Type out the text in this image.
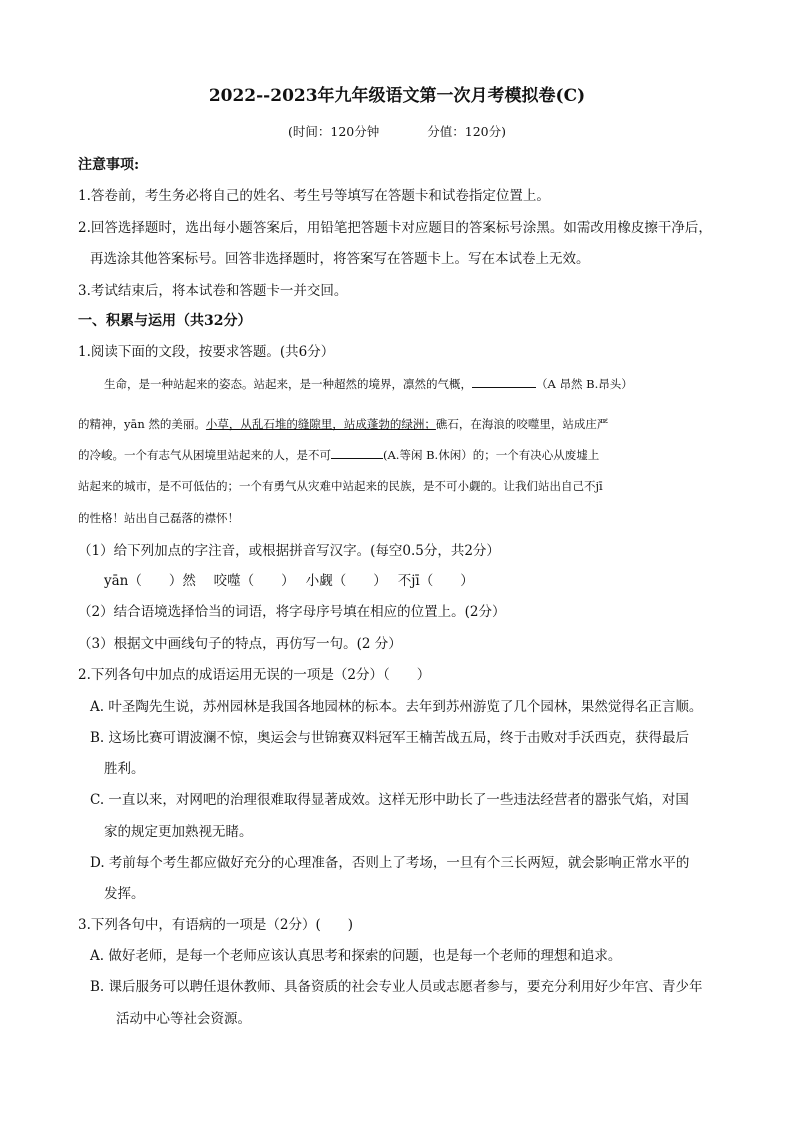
2022--2023年九年级语文第一次月考模拟卷(C)
(时间：120分钟	分值：120分)
注意事项:
1.答卷前，考生务必将自己的姓名、考生号等填写在答题卡和试卷指定位置上。
2.回答选择题时，选出每小题答案后，用铅笔把答题卡对应题目的答案标号涂黑。如需改用橡皮擦干净后，
再选涂其他答案标号。回答非选择题时，将答案写在答题卡上。写在本试卷上无效。
3.考试结束后，将本试卷和答题卡一并交回。
一、积累与运用（共32分）
1.阅读下面的文段，按要求答题。(共6分）
生命，是一种站起来的姿态。站起来，是一种超然的境界，凛然的气概，	（A 昂然 B.昂头）
的精神，yān 然的美丽。小草，从乱石堆的缝隙里，站成蓬勃的绿洲；礁石，在海浪的咬噬里，站成庄严
的冷峻。一个有志气从困境里站起来的人，是不可	(A.等闲 B.休闲）的；一个有决心从废墟上
站起来的城市，是不可低估的；一个有勇气从灾难中站起来的民族，是不可小觑的。让我们站出自己不jī
的性格！站出自己磊落的襟怀！
（1）给下列加点的字注音，或根据拼音写汉字。(每空0.5分，共2分）
yān（　　）然　 咬噬（　　）　 小觑（　　）　 不jī（　　）
（2）结合语境选择恰当的词语，将字母序号填在相应的位置上。(2分）
（3）根据文中画线句子的特点，再仿写一句。(2 分）
2.下列各句中加点的成语运用无误的一项是（2分）（　　）
A. 叶圣陶先生说，苏州园林是我国各地园林的标本。去年到苏州游览了几个园林，果然觉得名正言顺。
B. 这场比赛可谓波澜不惊，奥运会与世锦赛双料冠军王楠苦战五局，终于击败对手沃西克，获得最后
胜利。
C. 一直以来，对网吧的治理很难取得显著成效。这样无形中助长了一些违法经营者的嚣张气焰，对国
家的规定更加熟视无睹。
D. 考前每个考生都应做好充分的心理准备，否则上了考场，一旦有个三长两短，就会影响正常水平的
发挥。
3.下列各句中，有语病的一项是（2分）(　　)
A. 做好老师，是每一个老师应该认真思考和探索的问题，也是每一个老师的理想和追求。
B. 课后服务可以聘任退休教师、具备资质的社会专业人员或志愿者参与，要充分利用好少年宫、青少年
活动中心等社会资源。
